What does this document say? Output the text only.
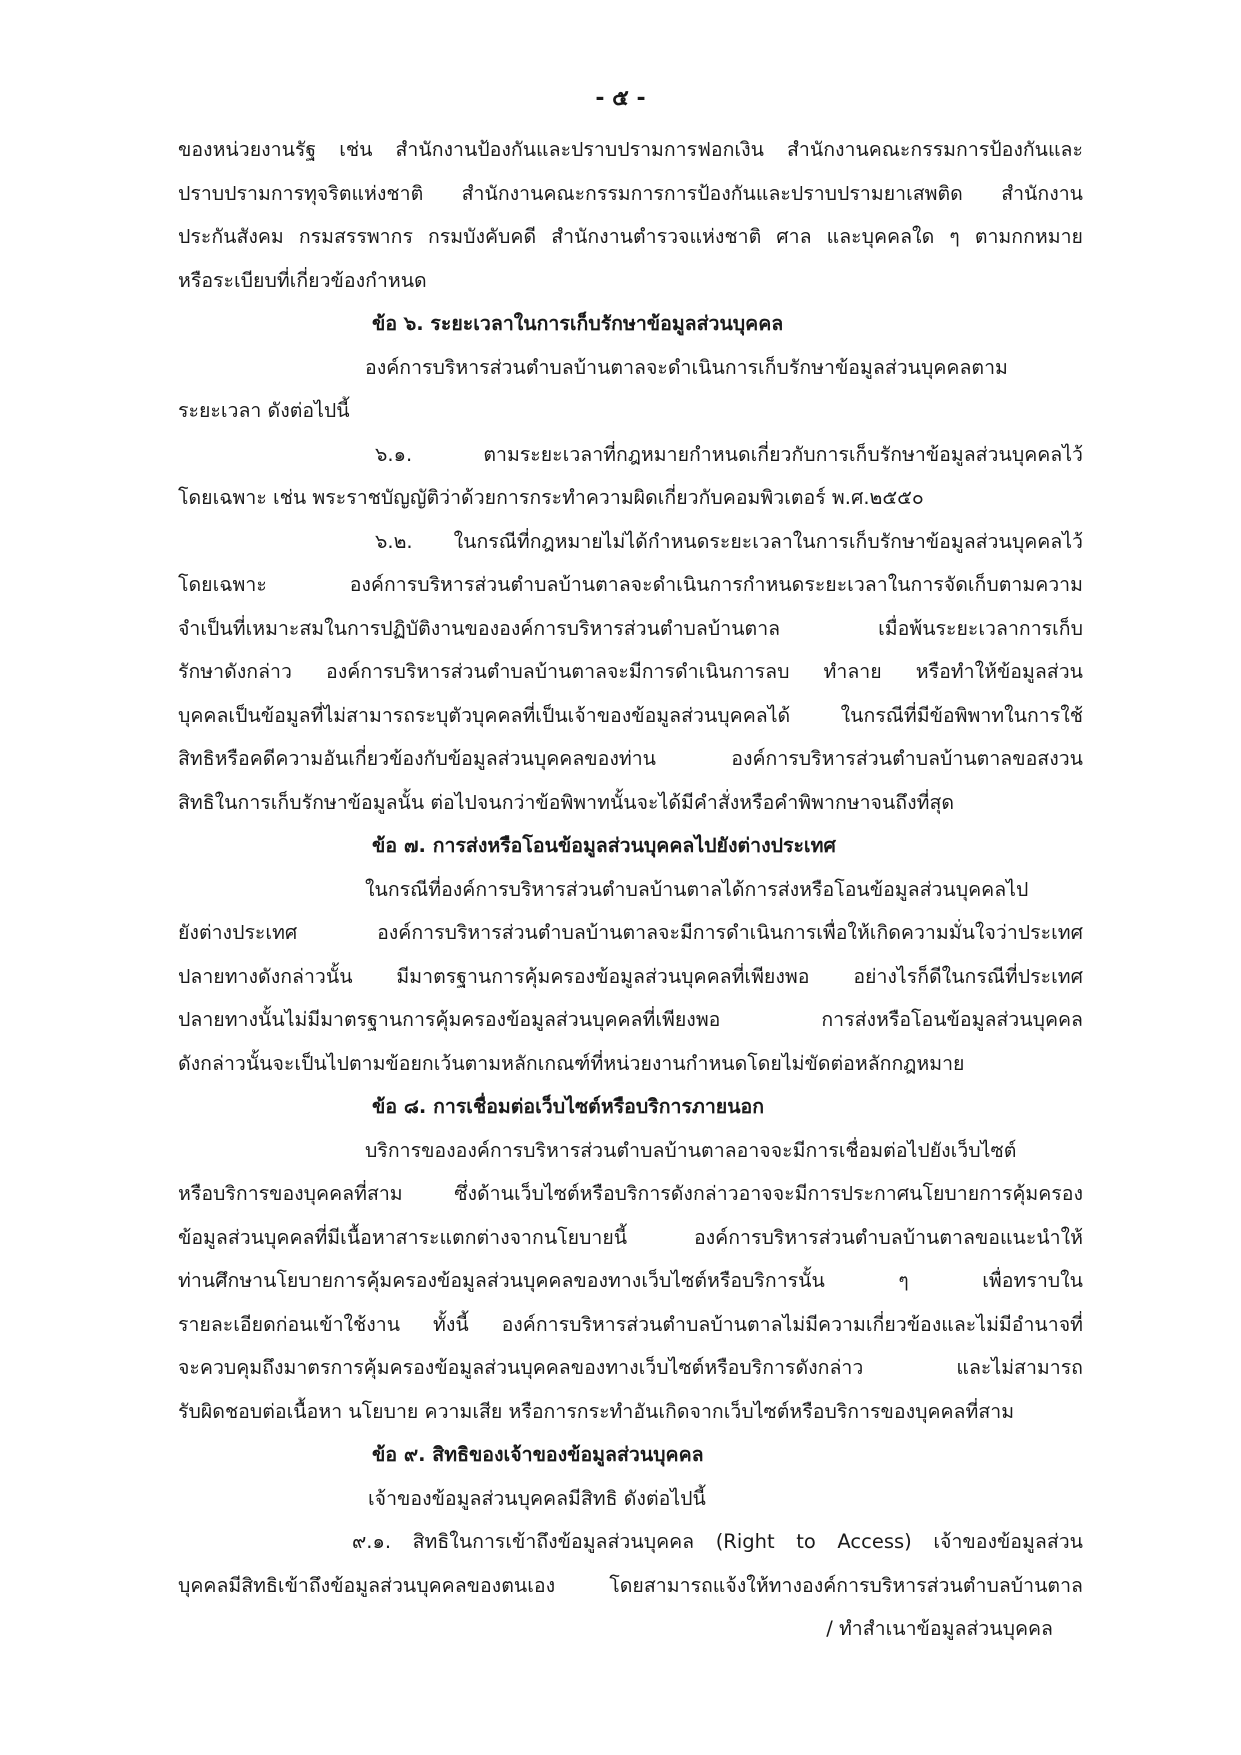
- ๕ -
ของหน่วยงานรัฐ เช่น สำนักงานป้องกันและปราบปรามการฟอกเงิน สำนักงานคณะกรรมการป้องกันและ
ปราบปรามการทุจริตแห่งชาติ สำนักงานคณะกรรมการการป้องกันและปราบปรามยาเสพติด สำนักงาน
ประกันสังคม กรมสรรพากร กรมบังคับคดี สำนักงานตำรวจแห่งชาติ ศาล และบุคคลใด ๆ ตามกกหมาย
หรือระเบียบที่เกี่ยวข้องกำหนด
ข้อ ๖. ระยะเวลาในการเก็บรักษาข้อมูลส่วนบุคคล
องค์การบริหารส่วนตำบลบ้านตาลจะดำเนินการเก็บรักษาข้อมูลส่วนบุคคลตาม
ระยะเวลา ดังต่อไปนี้
๖.๑. ตามระยะเวลาที่กฎหมายกำหนดเกี่ยวกับการเก็บรักษาข้อมูลส่วนบุคคลไว้
โดยเฉพาะ เช่น พระราชบัญญัติว่าด้วยการกระทำความผิดเกี่ยวกับคอมพิวเตอร์ พ.ศ.๒๕๕๐
๖.๒. ในกรณีที่กฎหมายไม่ได้กำหนดระยะเวลาในการเก็บรักษาข้อมูลส่วนบุคคลไว้
โดยเฉพาะ องค์การบริหารส่วนตำบลบ้านตาลจะดำเนินการกำหนดระยะเวลาในการจัดเก็บตามความ
จำเป็นที่เหมาะสมในการปฏิบัติงานขององค์การบริหารส่วนตำบลบ้านตาล เมื่อพ้นระยะเวลาการเก็บ
รักษาดังกล่าว องค์การบริหารส่วนตำบลบ้านตาลจะมีการดำเนินการลบ ทำลาย หรือทำให้ข้อมูลส่วน
บุคคลเป็นข้อมูลที่ไม่สามารถระบุตัวบุคคลที่เป็นเจ้าของข้อมูลส่วนบุคคลได้ ในกรณีที่มีข้อพิพาทในการใช้
สิทธิหรือคดีความอันเกี่ยวข้องกับข้อมูลส่วนบุคคลของท่าน องค์การบริหารส่วนตำบลบ้านตาลขอสงวน
สิทธิในการเก็บรักษาข้อมูลนั้น ต่อไปจนกว่าข้อพิพาทนั้นจะได้มีคำสั่งหรือคำพิพากษาจนถึงที่สุด
ข้อ ๗. การส่งหรือโอนข้อมูลส่วนบุคคลไปยังต่างประเทศ
ในกรณีที่องค์การบริหารส่วนตำบลบ้านตาลได้การส่งหรือโอนข้อมูลส่วนบุคคลไป
ยังต่างประเทศ องค์การบริหารส่วนตำบลบ้านตาลจะมีการดำเนินการเพื่อให้เกิดความมั่นใจว่าประเทศ
ปลายทางดังกล่าวนั้น มีมาตรฐานการคุ้มครองข้อมูลส่วนบุคคลที่เพียงพอ อย่างไรก็ดีในกรณีที่ประเทศ
ปลายทางนั้นไม่มีมาตรฐานการคุ้มครองข้อมูลส่วนบุคคลที่เพียงพอ การส่งหรือโอนข้อมูลส่วนบุคคล
ดังกล่าวนั้นจะเป็นไปตามข้อยกเว้นตามหลักเกณฑ์ที่หน่วยงานกำหนดโดยไม่ขัดต่อหลักกฎหมาย
ข้อ ๘. การเชื่อมต่อเว็บไซต์หรือบริการภายนอก
บริการขององค์การบริหารส่วนตำบลบ้านตาลอาจจะมีการเชื่อมต่อไปยังเว็บไซต์
หรือบริการของบุคคลที่สาม ซึ่งด้านเว็บไซต์หรือบริการดังกล่าวอาจจะมีการประกาศนโยบายการคุ้มครอง
ข้อมูลส่วนบุคคลที่มีเนื้อหาสาระแตกต่างจากนโยบายนี้ องค์การบริหารส่วนตำบลบ้านตาลขอแนะนำให้
ท่านศึกษานโยบายการคุ้มครองข้อมูลส่วนบุคคลของทางเว็บไซต์หรือบริการนั้น ๆ เพื่อทราบใน
รายละเอียดก่อนเข้าใช้งาน ทั้งนี้ องค์การบริหารส่วนตำบลบ้านตาลไม่มีความเกี่ยวข้องและไม่มีอำนาจที่
จะควบคุมถึงมาตรการคุ้มครองข้อมูลส่วนบุคคลของทางเว็บไซต์หรือบริการดังกล่าว และไม่สามารถ
รับผิดชอบต่อเนื้อหา นโยบาย ความเสีย หรือการกระทำอันเกิดจากเว็บไซต์หรือบริการของบุคคลที่สาม
ข้อ ๙. สิทธิของเจ้าของข้อมูลส่วนบุคคล
เจ้าของข้อมูลส่วนบุคคลมีสิทธิ ดังต่อไปนี้
๙.๑. สิทธิในการเข้าถึงข้อมูลส่วนบุคคล (Right to Access) เจ้าของข้อมูลส่วน
บุคคลมีสิทธิเข้าถึงข้อมูลส่วนบุคคลของตนเอง โดยสามารถแจ้งให้ทางองค์การบริหารส่วนตำบลบ้านตาล
/ ทำสำเนาข้อมูลส่วนบุคคล
